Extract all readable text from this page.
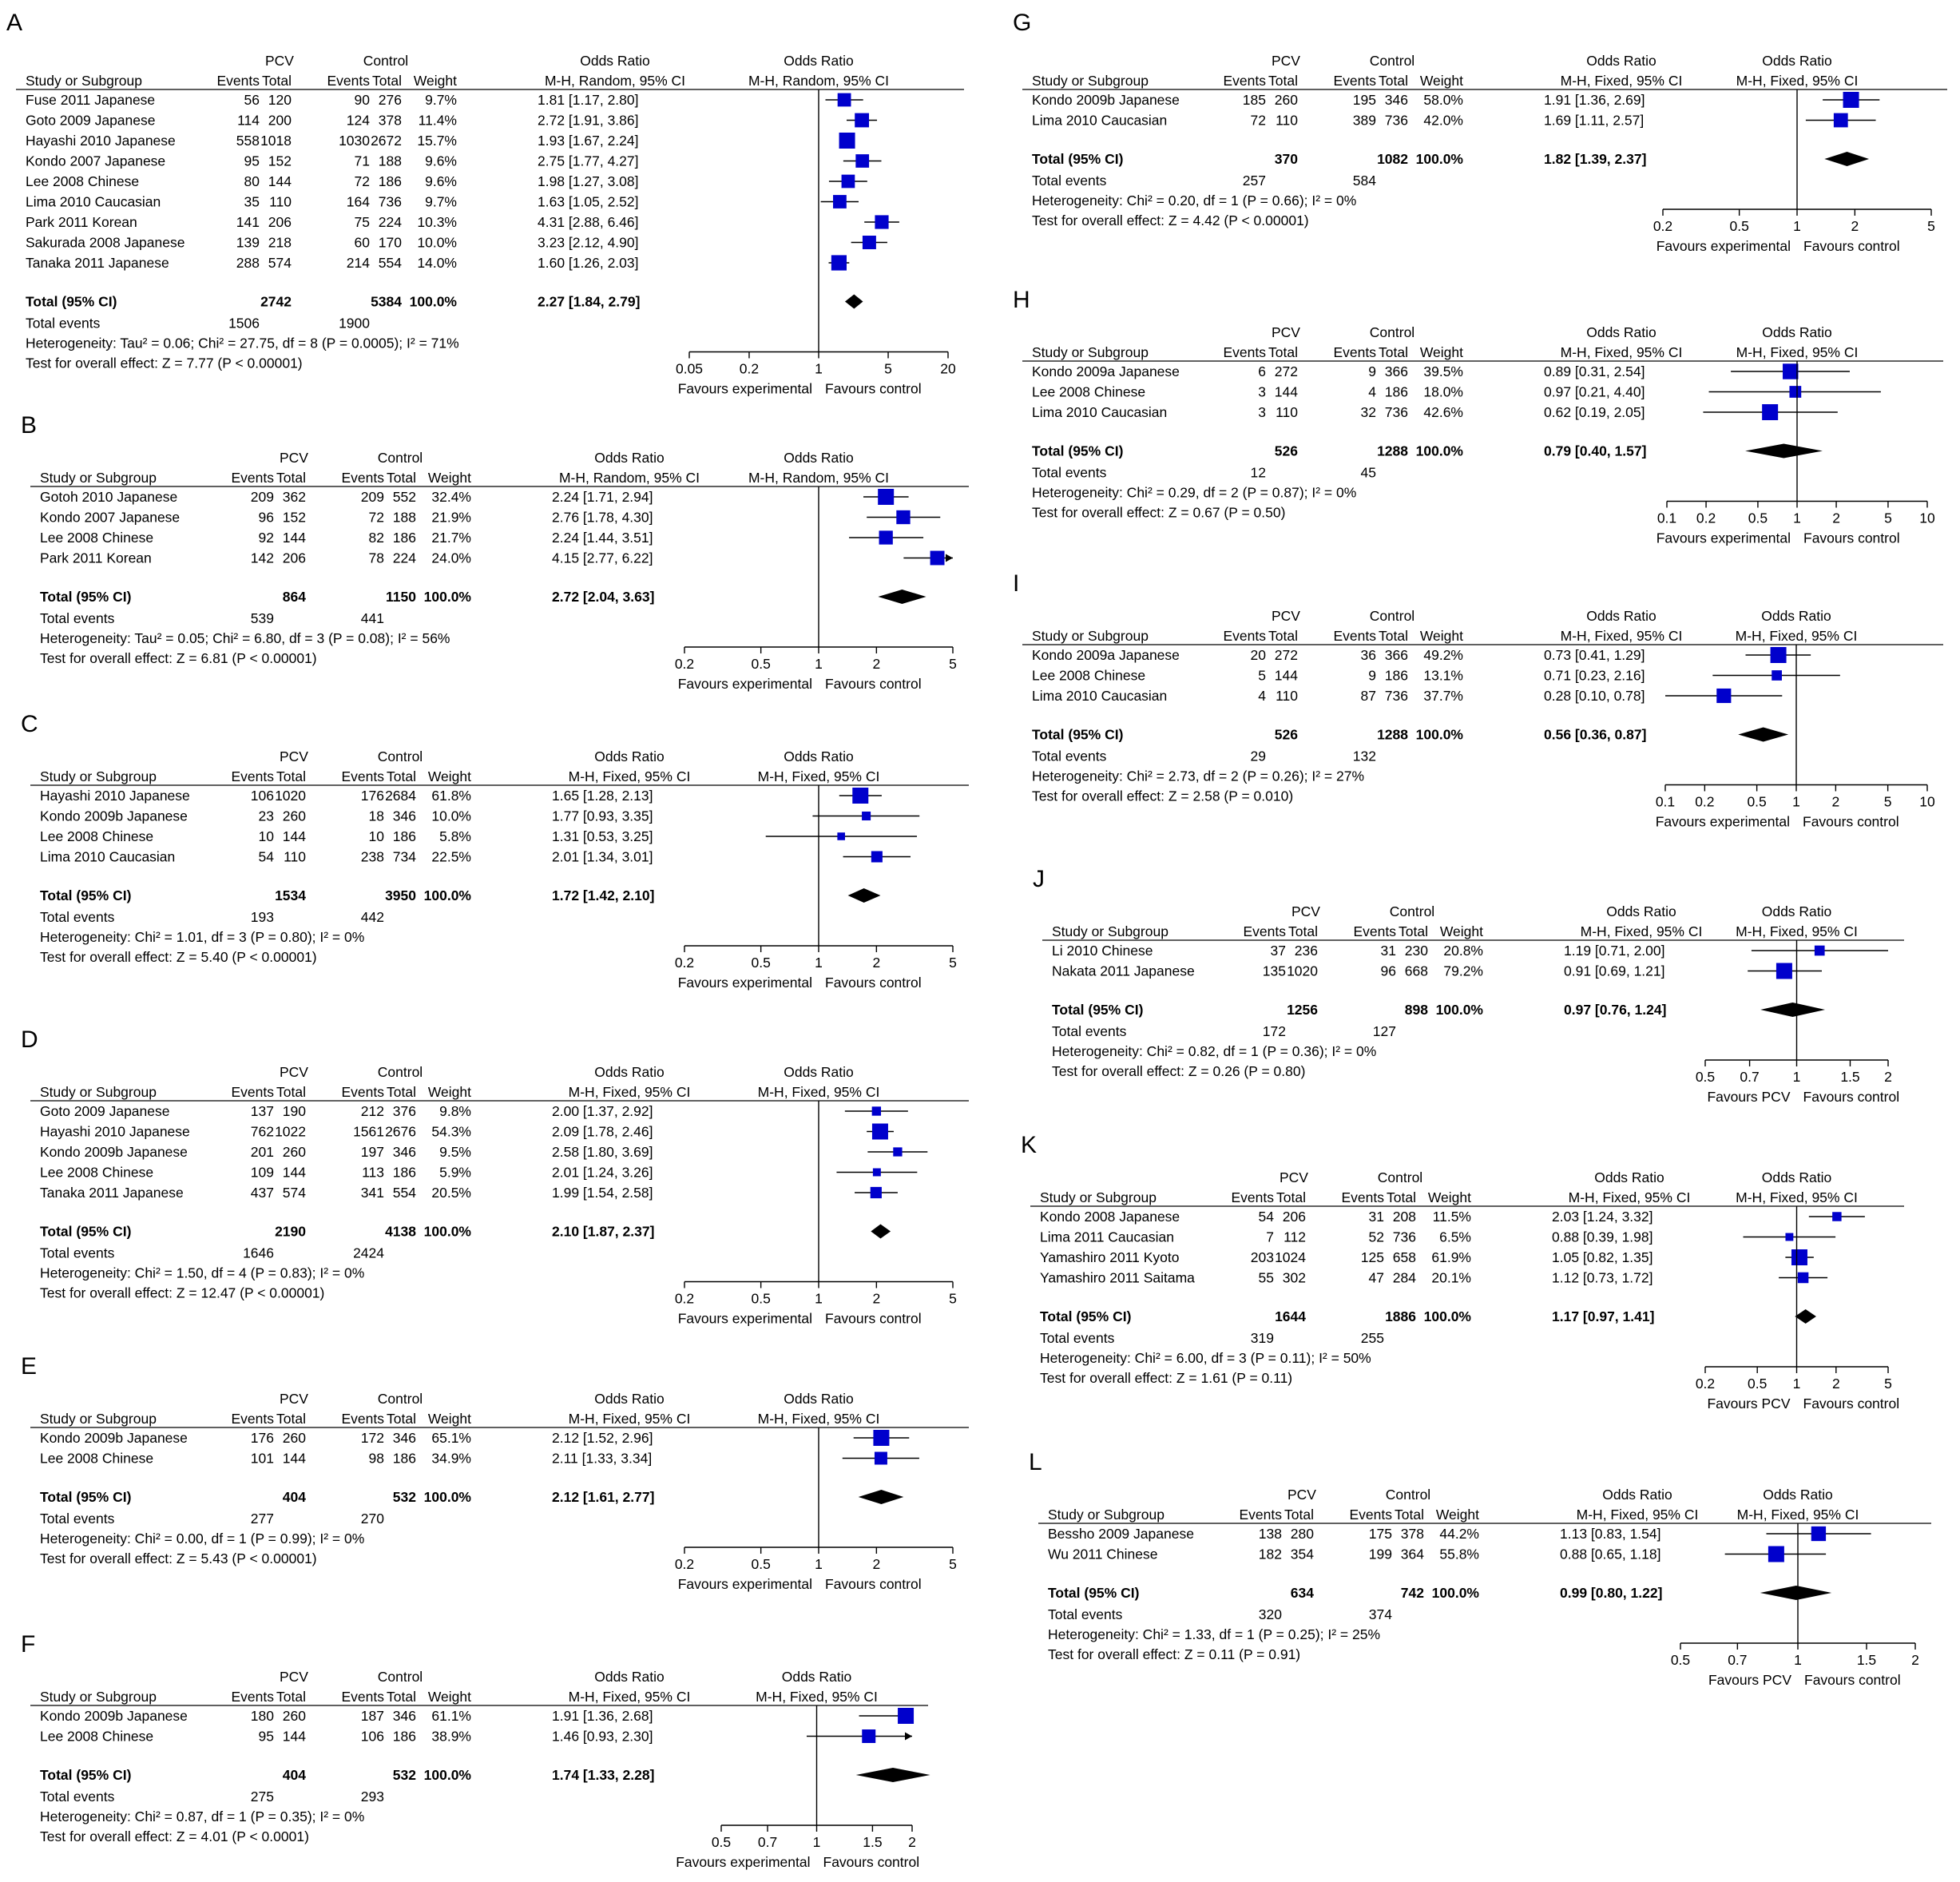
A
PCV	Control	Odds Ratio	Odds Ratio
Study or Subgroup	Events Total	Events Total Weight	M-H, Random, 95% CI	M-H, Random, 95% CI
Fuse 2011 Japanese	56 120	90 276 9.7%	1.81 [1.17, 2.80]
Goto 2009 Japanese	114 200	124 378 11.4%	2.72 [1.91, 3.86]
Hayashi 2010 Japanese	558 1018	1030 2672 15.7%	1.93 [1.67, 2.24]
Kondo 2007 Japanese	95 152	71 188 9.6%	2.75 [1.77, 4.27]
Lee 2008 Chinese	80 144	72 186 9.6%	1.98 [1.27, 3.08]
Lima 2010 Caucasian	35 110	164 736 9.7%	1.63 [1.05, 2.52]
Park 2011 Korean	141 206	75 224 10.3%	4.31 [2.88, 6.46]
Sakurada 2008 Japanese	139 218	60 170 10.0%	3.23 [2.12, 4.90]
Tanaka 2011 Japanese	288 574	214 554 14.0%	1.60 [1.26, 2.03]
Total (95% CI)	2742	5384 100.0%	2.27 [1.84, 2.79]
Total events	1506	1900
Heterogeneity: Tau² = 0.06; Chi² = 27.75, df = 8 (P = 0.0005); I² = 71%
Test for overall effect: Z = 7.77 (P < 0.00001)	0.05	0.2	1	5	20
Favours experimental Favours control
B
PCV	Control	Odds Ratio	Odds Ratio
Study or Subgroup	Events Total	Events Total Weight	M-H, Random, 95% CI	M-H, Random, 95% CI
Gotoh 2010 Japanese	209 362	209 552 32.4%	2.24 [1.71, 2.94]
Kondo 2007 Japanese	96 152	72 188 21.9%	2.76 [1.78, 4.30]
Lee 2008 Chinese	92 144	82 186 21.7%	2.24 [1.44, 3.51]
Park 2011 Korean	142 206	78 224 24.0%	4.15 [2.77, 6.22]
Total (95% CI)	864	1150 100.0%	2.72 [2.04, 3.63]
Total events	539	441
Heterogeneity: Tau² = 0.05; Chi² = 6.80, df = 3 (P = 0.08); I² = 56%
Test for overall effect: Z = 6.81 (P < 0.00001)	0.2	0.5	1	2	5
Favours experimental Favours control
C
PCV	Control	Odds Ratio	Odds Ratio
Study or Subgroup	Events Total	Events Total Weight	M-H, Fixed, 95% CI	M-H, Fixed, 95% CI
Hayashi 2010 Japanese	106 1020	176 2684 61.8%	1.65 [1.28, 2.13]
Kondo 2009b Japanese	23 260	18 346 10.0%	1.77 [0.93, 3.35]
Lee 2008 Chinese	10 144	10 186 5.8%	1.31 [0.53, 3.25]
Lima 2010 Caucasian	54 110	238 734 22.5%	2.01 [1.34, 3.01]
Total (95% CI)	1534	3950 100.0%	1.72 [1.42, 2.10]
Total events	193	442
Heterogeneity: Chi² = 1.01, df = 3 (P = 0.80); I² = 0%
Test for overall effect: Z = 5.40 (P < 0.00001)	0.2	0.5	1	2	5
Favours experimental Favours control
D
PCV	Control	Odds Ratio	Odds Ratio
Study or Subgroup	Events Total	Events Total Weight	M-H, Fixed, 95% CI	M-H, Fixed, 95% CI
Goto 2009 Japanese	137 190	212 376 9.8%	2.00 [1.37, 2.92]
Hayashi 2010 Japanese	762 1022	1561 2676 54.3%	2.09 [1.78, 2.46]
Kondo 2009b Japanese	201 260	197 346 9.5%	2.58 [1.80, 3.69]
Lee 2008 Chinese	109 144	113 186 5.9%	2.01 [1.24, 3.26]
Tanaka 2011 Japanese	437 574	341 554 20.5%	1.99 [1.54, 2.58]
Total (95% CI)	2190	4138 100.0%	2.10 [1.87, 2.37]
Total events	1646	2424
Heterogeneity: Chi² = 1.50, df = 4 (P = 0.83); I² = 0%
Test for overall effect: Z = 12.47 (P < 0.00001)	0.2	0.5	1	2	5
Favours experimental Favours control
E
PCV	Control	Odds Ratio	Odds Ratio
Study or Subgroup	Events Total	Events Total Weight	M-H, Fixed, 95% CI	M-H, Fixed, 95% CI
Kondo 2009b Japanese	176 260	172 346 65.1%	2.12 [1.52, 2.96]
Lee 2008 Chinese	101 144	98 186 34.9%	2.11 [1.33, 3.34]
Total (95% CI)	404	532 100.0%	2.12 [1.61, 2.77]
Total events	277	270
Heterogeneity: Chi² = 0.00, df = 1 (P = 0.99); I² = 0%
Test for overall effect: Z = 5.43 (P < 0.00001)	0.2	0.5	1	2	5
Favours experimental Favours control
F
PCV	Control	Odds Ratio	Odds Ratio
Study or Subgroup	Events Total	Events Total Weight	M-H, Fixed, 95% CI	M-H, Fixed, 95% CI
Kondo 2009b Japanese	180 260	187 346 61.1%	1.91 [1.36, 2.68]
Lee 2008 Chinese	95 144	106 186 38.9%	1.46 [0.93, 2.30]
Total (95% CI)	404	532 100.0%	1.74 [1.33, 2.28]
Total events	275	293
Heterogeneity: Chi² = 0.87, df = 1 (P = 0.35); I² = 0%
Test for overall effect: Z = 4.01 (P < 0.0001)	0.5 0.7	1	1.5 2
Favours experimental Favours control
G
PCV	Control	Odds Ratio	Odds Ratio
Study or Subgroup	Events Total	Events Total Weight	M-H, Fixed, 95% CI	M-H, Fixed, 95% CI
Kondo 2009b Japanese	185 260	195 346 58.0%	1.91 [1.36, 2.69]
Lima 2010 Caucasian	72 110	389 736 42.0%	1.69 [1.11, 2.57]
Total (95% CI)	370	1082 100.0%	1.82 [1.39, 2.37]
Total events	257	584
Heterogeneity: Chi² = 0.20, df = 1 (P = 0.66); I² = 0%
Test for overall effect: Z = 4.42 (P < 0.00001)	0.2	0.5	1	2	5
Favours experimental Favours control
H
PCV	Control	Odds Ratio	Odds Ratio
Study or Subgroup	Events Total	Events Total Weight	M-H, Fixed, 95% CI	M-H, Fixed, 95% CI
Kondo 2009a Japanese	6 272	9 366 39.5%	0.89 [0.31, 2.54]
Lee 2008 Chinese	3 144	4 186 18.0%	0.97 [0.21, 4.40]
Lima 2010 Caucasian	3 110	32 736 42.6%	0.62 [0.19, 2.05]
Total (95% CI)	526	1288 100.0%	0.79 [0.40, 1.57]
Total events	12	45
Heterogeneity: Chi² = 0.29, df = 2 (P = 0.87); I² = 0%
Test for overall effect: Z = 0.67 (P = 0.50)	0.1 0.2 0.5 1 2	5 10
Favours experimental Favours control
I
PCV	Control	Odds Ratio	Odds Ratio
Study or Subgroup	Events Total	Events Total Weight	M-H, Fixed, 95% CI	M-H, Fixed, 95% CI
Kondo 2009a Japanese	20 272	36 366 49.2%	0.73 [0.41, 1.29]
Lee 2008 Chinese	5 144	9 186 13.1%	0.71 [0.23, 2.16]
Lima 2010 Caucasian	4 110	87 736 37.7%	0.28 [0.10, 0.78]
Total (95% CI)	526	1288 100.0%	0.56 [0.36, 0.87]
Total events	29	132
Heterogeneity: Chi² = 2.73, df = 2 (P = 0.26); I² = 27%
Test for overall effect: Z = 2.58 (P = 0.010)	0.1 0.2 0.5 1 2	5 10
Favours experimental Favours control
J
PCV	Control	Odds Ratio	Odds Ratio
Study or Subgroup	Events Total	Events Total Weight	M-H, Fixed, 95% CI M-H, Fixed, 95% CI
Li 2010 Chinese	37 236	31 230 20.8%	1.19 [0.71, 2.00]
Nakata 2011 Japanese	135 1020	96 668 79.2%	0.91 [0.69, 1.21]
Total (95% CI)	1256	898 100.0%	0.97 [0.76, 1.24]
Total events	172	127
Heterogeneity: Chi² = 0.82, df = 1 (P = 0.36); I² = 0%
Test for overall effect: Z = 0.26 (P = 0.80)	0.5 0.7 1	1.5 2
Favours PCV Favours control
K
PCV	Control	Odds Ratio	Odds Ratio
Study or Subgroup	Events Total	Events Total Weight	M-H, Fixed, 95% CI	M-H, Fixed, 95% CI
Kondo 2008 Japanese	54 206	31 208 11.5%	2.03 [1.24, 3.32]
Lima 2011 Caucasian	7 112	52 736 6.5%	0.88 [0.39, 1.98]
Yamashiro 2011 Kyoto	203 1024	125 658 61.9%	1.05 [0.82, 1.35]
Yamashiro 2011 Saitama	55 302	47 284 20.1%	1.12 [0.73, 1.72]
Total (95% CI)	1644	1886 100.0%	1.17 [0.97, 1.41]
Total events	319	255
Heterogeneity: Chi² = 6.00, df = 3 (P = 0.11); I² = 50%
Test for overall effect: Z = 1.61 (P = 0.11)	0.2 0.5 1 2	5
Favours PCV Favours control
L
PCV	Control	Odds Ratio	Odds Ratio
Study or Subgroup	Events Total	Events Total Weight	M-H, Fixed, 95% CI	M-H, Fixed, 95% CI
Bessho 2009 Japanese	138 280	175 378 44.2%	1.13 [0.83, 1.54]
Wu 2011 Chinese	182 354	199 364 55.8%	0.88 [0.65, 1.18]
Total (95% CI)	634	742 100.0%	0.99 [0.80, 1.22]
Total events	320	374
Heterogeneity: Chi² = 1.33, df = 1 (P = 0.25); I² = 25%
Test for overall effect: Z = 0.11 (P = 0.91)	0.5	0.7	1	1.5	2
Favours PCV Favours control
